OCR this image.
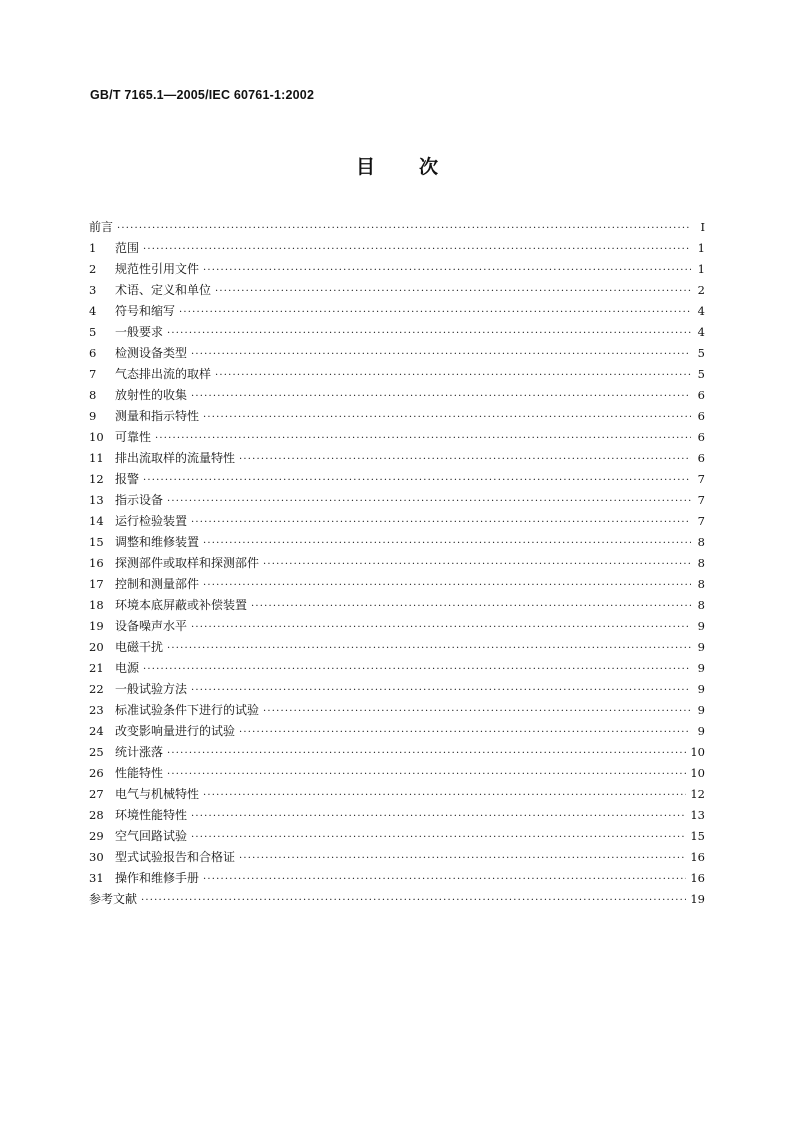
GB/T 7165.1—2005/IEC 60761-1:2002
目 次
前言 ·····	I
1	范围 ·····	1
2	规范性引用文件 ·····	1
3	术语、定义和单位 ·····	2
4	符号和缩写 ·····	4
5	一般要求 ·····	4
6	检测设备类型 ·····	5
7	气态排出流的取样 ·····	5
8	放射性的收集 ·····	6
9	测量和指示特性 ·····	6
10 可靠性 ·····	6
11 排出流取样的流量特性 ·····	6
12 报警 ·····	7
13 指示设备 ·····	7
14 运行检验装置 ·····	7
15 调整和维修装置 ·····	8
16 探测部件或取样和探测部件 ·····	8
17 控制和测量部件 ·····	8
18 环境本底屏蔽或补偿装置 ·····	8
19 设备噪声水平 ·····	9
20 电磁干扰 ·····	9
21 电源 ·····	9
22 一般试验方法 ·····	9
23 标准试验条件下进行的试验 ·····	9
24 改变影响量进行的试验 ·····	9
25 统计涨落 ·····	10
26 性能特性 ·····	10
27 电气与机械特性 ·····	12
28 环境性能特性 ·····	13
29 空气回路试验 ·····	15
30 型式试验报告和合格证 ·····	16
31 操作和维修手册 ·····	16
参考文献 ·····	19
